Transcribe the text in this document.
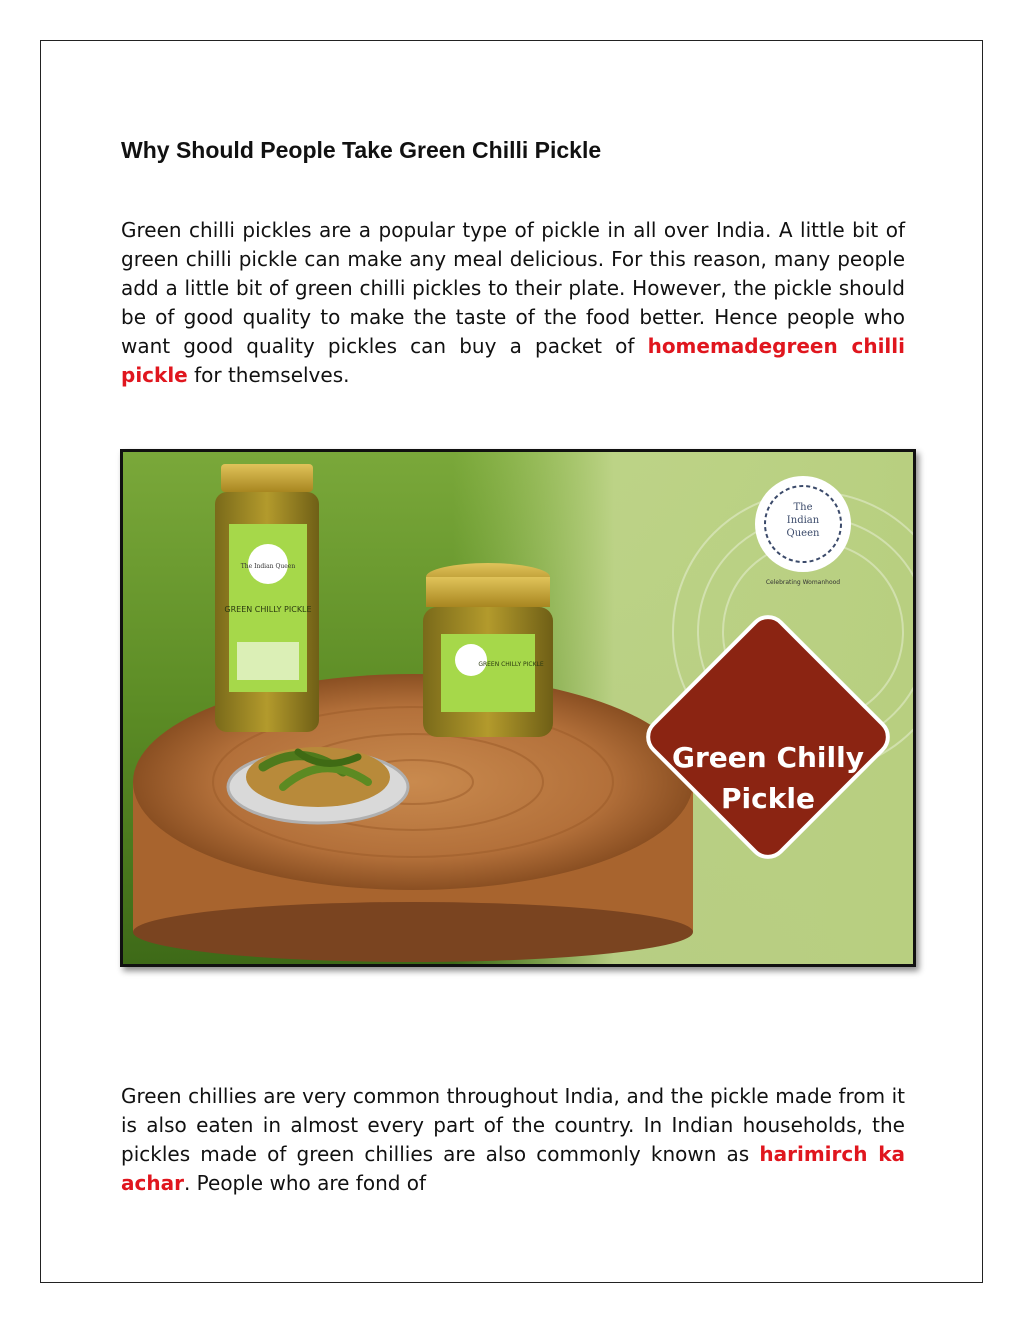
Why Should People Take Green Chilli Pickle

Green chilli pickles are a popular type of pickle in all over India. A little bit of green chilli pickle can make any meal delicious. For this reason, many people add a little bit of green chilli pickles to their plate. However, the pickle should be of good quality to make the taste of the food better. Hence people who want good quality pickles can buy a packet of homemadegreen chilli pickle for themselves.

GREEN CHILLY PICKLE
The Indian Queen
GREEN CHILLY PICKLE
The
Indian
Queen
Celebrating Womanhood
Green Chilly
Pickle

Green chillies are very common throughout India, and the pickle made from it is also eaten in almost every part of the country. In Indian households, the pickles made of green chillies are also commonly known as harimirch ka achar. People who are fond of
